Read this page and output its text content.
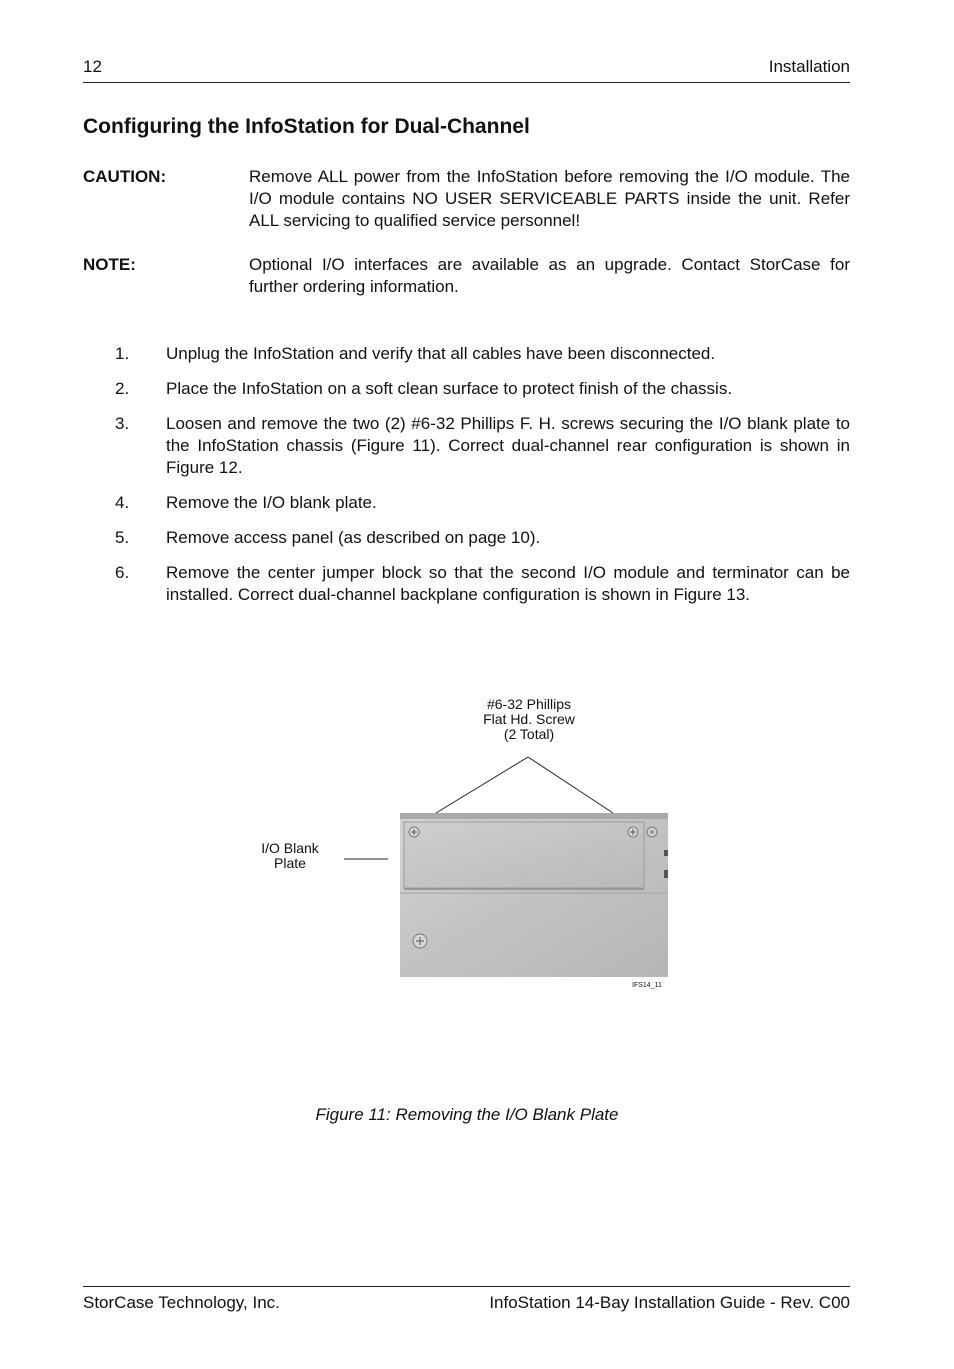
12	Installation
Configuring the InfoStation for Dual-Channel
CAUTION:	Remove ALL power from the InfoStation before removing the I/O module. The I/O module contains NO USER SERVICEABLE PARTS inside the unit. Refer ALL servicing to qualified service personnel!
NOTE:	Optional I/O interfaces are available as an upgrade. Contact StorCase for further ordering information.
1. Unplug the InfoStation and verify that all cables have been disconnected.
2. Place the InfoStation on a soft clean surface to protect finish of the chassis.
3. Loosen and remove the two (2) #6-32 Phillips F. H. screws securing the I/O blank plate to the InfoStation chassis (Figure 11). Correct dual-channel rear configuration is shown in Figure 12.
4. Remove the I/O blank plate.
5. Remove access panel (as described on page 10).
6. Remove the center jumper block so that the second I/O module and terminator can be installed. Correct dual-channel backplane configuration is shown in Figure 13.
#6-32 Phillips
Flat Hd. Screw
(2 Total)
I/O Blank
Plate
IFS14_11
Figure 11: Removing the I/O Blank Plate
StorCase Technology, Inc.	InfoStation 14-Bay Installation Guide - Rev. C00
